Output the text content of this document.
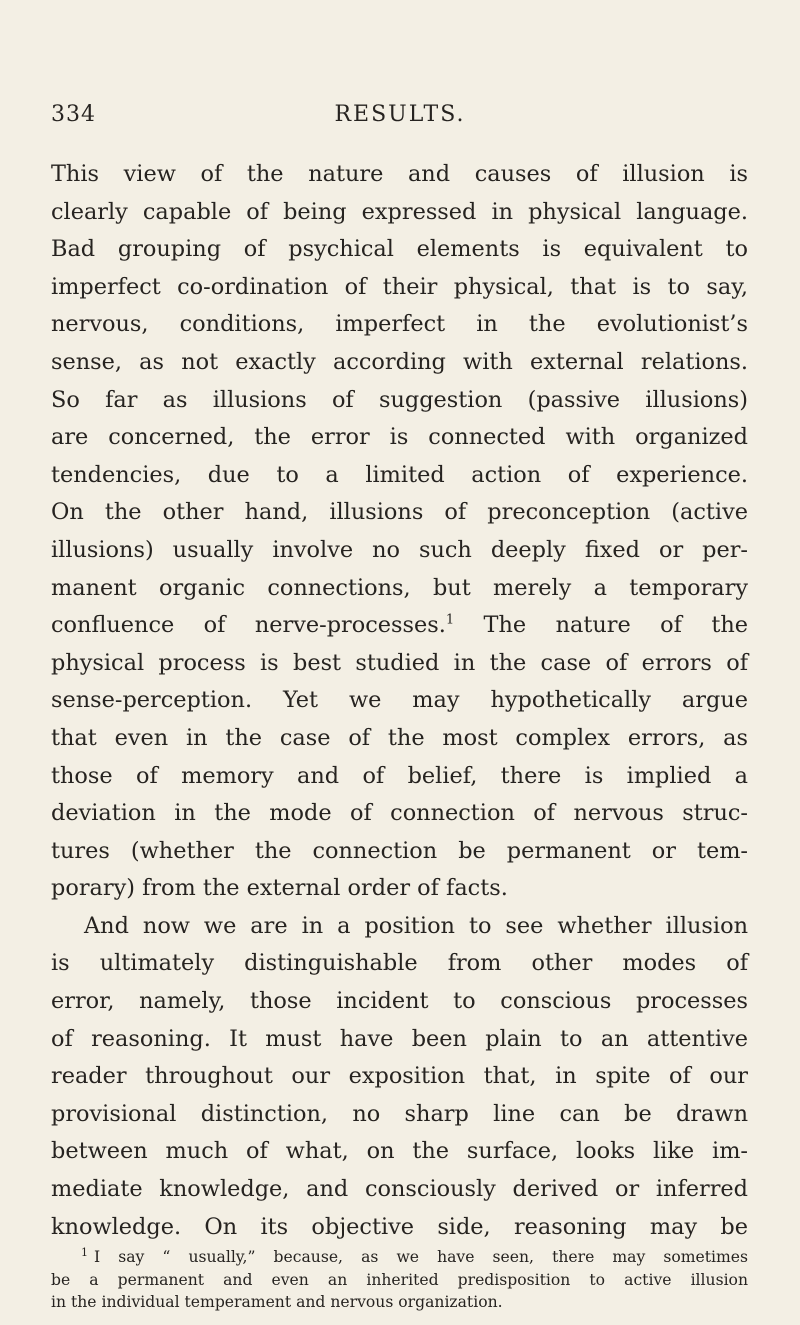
334	RESULTS.
This view of the nature and causes of illusion is
clearly capable of being expressed in physical language.
Bad grouping of psychical elements is equivalent to
imperfect co-ordination of their physical, that is to say,
nervous, conditions, imperfect in the evolutionist’s
sense, as not exactly according with external relations.
So far as illusions of suggestion (passive illusions)
are concerned, the error is connected with organized
tendencies, due to a limited action of experience.
On the other hand, illusions of preconception (active
illusions) usually involve no such deeply fixed or per-
manent organic connections, but merely a temporary
confluence of nerve-processes.$^1$ The nature of the
physical process is best studied in the case of errors of
sense-perception. Yet we may hypothetically argue
that even in the case of the most complex errors, as
those of memory and of belief, there is implied a
deviation in the mode of connection of nervous struc-
tures (whether the connection be permanent or tem-
porary) from the external order of facts.
And now we are in a position to see whether illusion
is ultimately distinguishable from other modes of
error, namely, those incident to conscious processes
of reasoning. It must have been plain to an attentive
reader throughout our exposition that, in spite of our
provisional distinction, no sharp line can be drawn
between much of what, on the surface, looks like im-
mediate knowledge, and consciously derived or inferred
knowledge. On its objective side, reasoning may be
$^1$ I say “ usually,” because, as we have seen, there may sometimes
be a permanent and even an inherited predisposition to active illusion
in the individual temperament and nervous organization.
